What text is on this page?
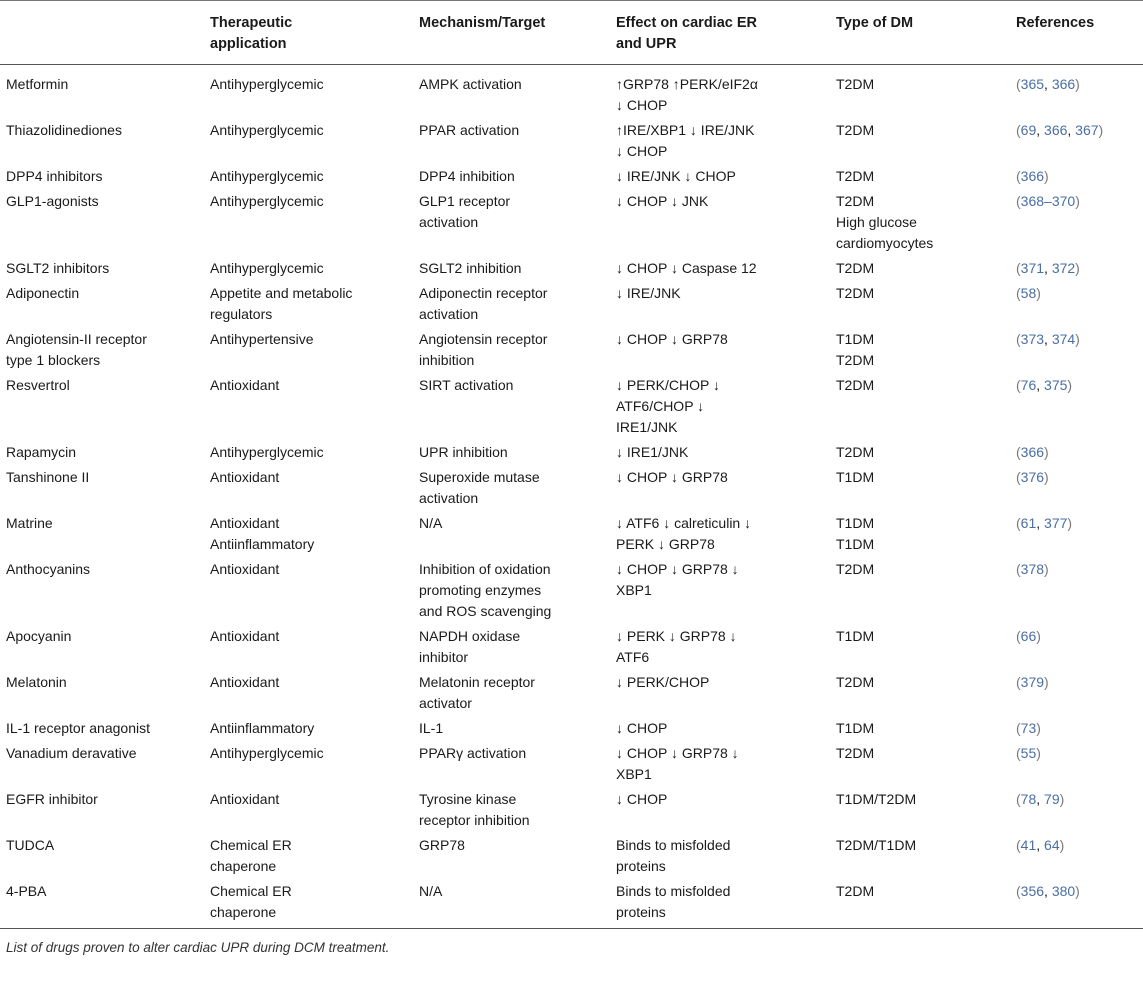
	Therapeutic
application	Mechanism/Target	Effect on cardiac ER
and UPR	Type of DM	References

Metformin	Antihyperglycemic	AMPK activation	↑GRP78 ↑PERK/eIF2α
↓ CHOP	T2DM	(365, 366)

Thiazolidinediones	Antihyperglycemic	PPAR activation	↑IRE/XBP1 ↓ IRE/JNK
↓ CHOP	T2DM	(69, 366, 367)

DPP4 inhibitors	Antihyperglycemic	DPP4 inhibition	↓ IRE/JNK ↓ CHOP	T2DM	(366)

GLP1-agonists	Antihyperglycemic	GLP1 receptor
activation	↓ CHOP ↓ JNK	T2DM
High glucose
cardiomyocytes	(368–370)

SGLT2 inhibitors	Antihyperglycemic	SGLT2 inhibition	↓ CHOP ↓ Caspase 12	T2DM	(371, 372)

Adiponectin	Appetite and metabolic
regulators	Adiponectin receptor
activation	↓ IRE/JNK	T2DM	(58)

Angiotensin-II receptor
type 1 blockers	Antihypertensive	Angiotensin receptor
inhibition	↓ CHOP ↓ GRP78	T1DM
T2DM	(373, 374)

Resvertrol	Antioxidant	SIRT activation	↓ PERK/CHOP ↓
ATF6/CHOP ↓
IRE1/JNK	T2DM	(76, 375)

Rapamycin	Antihyperglycemic	UPR inhibition	↓ IRE1/JNK	T2DM	(366)

Tanshinone II	Antioxidant	Superoxide mutase
activation	↓ CHOP ↓ GRP78	T1DM	(376)

Matrine	Antioxidant
Antiinflammatory	N/A	↓ ATF6 ↓ calreticulin ↓
PERK ↓ GRP78	T1DM
T1DM	(61, 377)

Anthocyanins	Antioxidant	Inhibition of oxidation
promoting enzymes
and ROS scavenging	↓ CHOP ↓ GRP78 ↓
XBP1	T2DM	(378)

Apocyanin	Antioxidant	NAPDH oxidase
inhibitor	↓ PERK ↓ GRP78 ↓
ATF6	T1DM	(66)

Melatonin	Antioxidant	Melatonin receptor
activator	↓ PERK/CHOP	T2DM	(379)

IL-1 receptor anagonist	Antiinflammatory	IL-1	↓ CHOP	T1DM	(73)

Vanadium deravative	Antihyperglycemic	PPARγ activation	↓ CHOP ↓ GRP78 ↓
XBP1	T2DM	(55)

EGFR inhibitor	Antioxidant	Tyrosine kinase
receptor inhibition	↓ CHOP	T1DM/T2DM	(78, 79)

TUDCA	Chemical ER
chaperone	GRP78	Binds to misfolded
proteins	T2DM/T1DM	(41, 64)

4-PBA	Chemical ER
chaperone	N/A	Binds to misfolded
proteins	T2DM	(356, 380)
List of drugs proven to alter cardiac UPR during DCM treatment.
